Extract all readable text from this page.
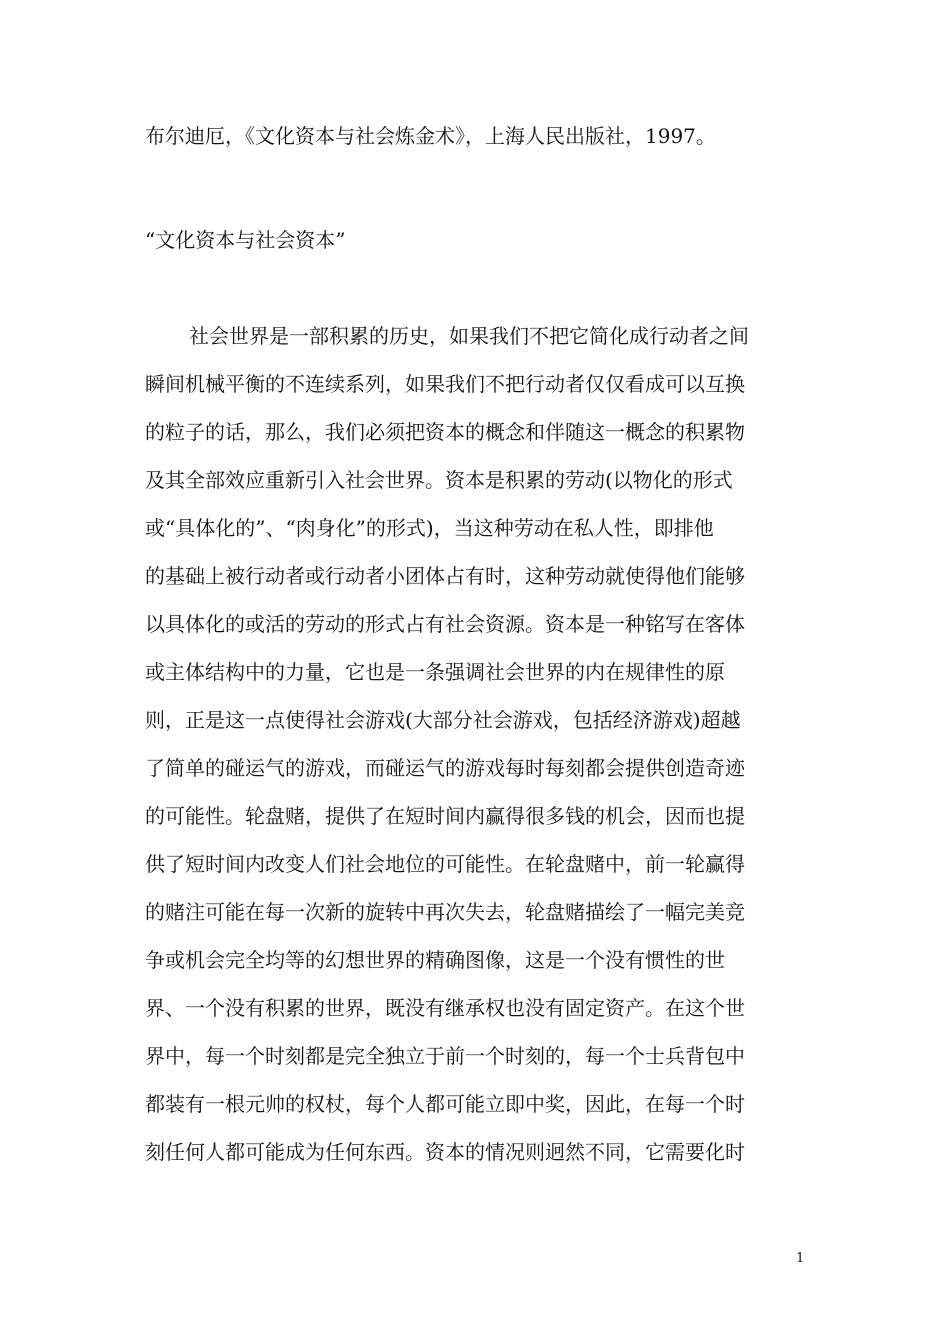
布尔迪厄，《文化资本与社会炼金术》，上海人民出版社，1997。
“文化资本与社会资本”
社会世界是一部积累的历史，如果我们不把它简化成行动者之间
瞬间机械平衡的不连续系列，如果我们不把行动者仅仅看成可以互换
的粒子的话，那么，我们必须把资本的概念和伴随这一概念的积累物
及其全部效应重新引入社会世界。资本是积累的劳动(以物化的形式
或“具体化的”、“肉身化”的形式)，当这种劳动在私人性，即排他
的基础上被行动者或行动者小团体占有时，这种劳动就使得他们能够
以具体化的或活的劳动的形式占有社会资源。资本是一种铭写在客体
或主体结构中的力量，它也是一条强调社会世界的内在规律性的原
则，正是这一点使得社会游戏(大部分社会游戏，包括经济游戏)超越
了简单的碰运气的游戏，而碰运气的游戏每时每刻都会提供创造奇迹
的可能性。轮盘赌，提供了在短时间内赢得很多钱的机会，因而也提
供了短时间内改变人们社会地位的可能性。在轮盘赌中，前一轮赢得
的赌注可能在每一次新的旋转中再次失去，轮盘赌描绘了一幅完美竞
争或机会完全均等的幻想世界的精确图像，这是一个没有惯性的世
界、一个没有积累的世界，既没有继承权也没有固定资产。在这个世
界中，每一个时刻都是完全独立于前一个时刻的，每一个士兵背包中
都装有一根元帅的权杖，每个人都可能立即中奖，因此，在每一个时
刻任何人都可能成为任何东西。资本的情况则迥然不同，它需要化时
1
